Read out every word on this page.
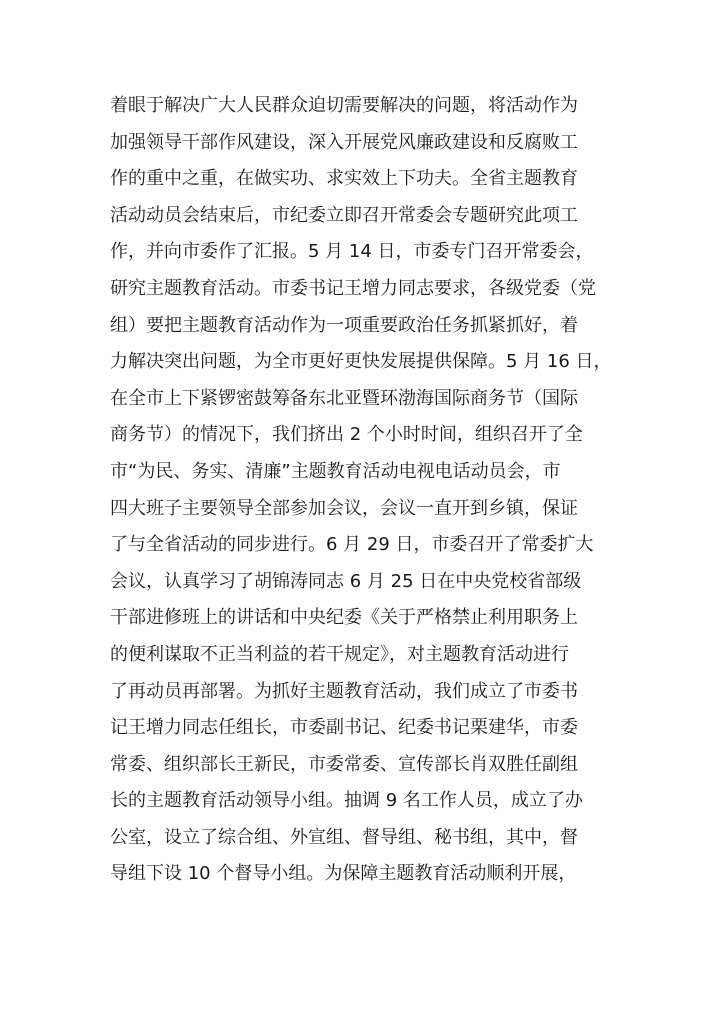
着眼于解决广大人民群众迫切需要解决的问题，将活动作为
加强领导干部作风建设，深入开展党风廉政建设和反腐败工
作的重中之重，在做实功、求实效上下功夫。全省主题教育
活动动员会结束后，市纪委立即召开常委会专题研究此项工
作，并向市委作了汇报。5 月 14 日，市委专门召开常委会，
研究主题教育活动。市委书记王增力同志要求，各级党委（党
组）要把主题教育活动作为一项重要政治任务抓紧抓好，着
力解决突出问题，为全市更好更快发展提供保障。5 月 16 日，
在全市上下紧锣密鼓筹备东北亚暨环渤海国际商务节（国际
商务节）的情况下，我们挤出 2 个小时时间，组织召开了全
市“为民、务实、清廉”主题教育活动电视电话动员会，市
四大班子主要领导全部参加会议，会议一直开到乡镇，保证
了与全省活动的同步进行。6 月 29 日，市委召开了常委扩大
会议，认真学习了胡锦涛同志 6 月 25 日在中央党校省部级
干部进修班上的讲话和中央纪委《关于严格禁止利用职务上
的便利谋取不正当利益的若干规定》，对主题教育活动进行
了再动员再部署。为抓好主题教育活动，我们成立了市委书
记王增力同志任组长，市委副书记、纪委书记栗建华，市委
常委、组织部长王新民，市委常委、宣传部长肖双胜任副组
长的主题教育活动领导小组。抽调 9 名工作人员，成立了办
公室，设立了综合组、外宣组、督导组、秘书组，其中，督
导组下设 10 个督导小组。为保障主题教育活动顺利开展，
